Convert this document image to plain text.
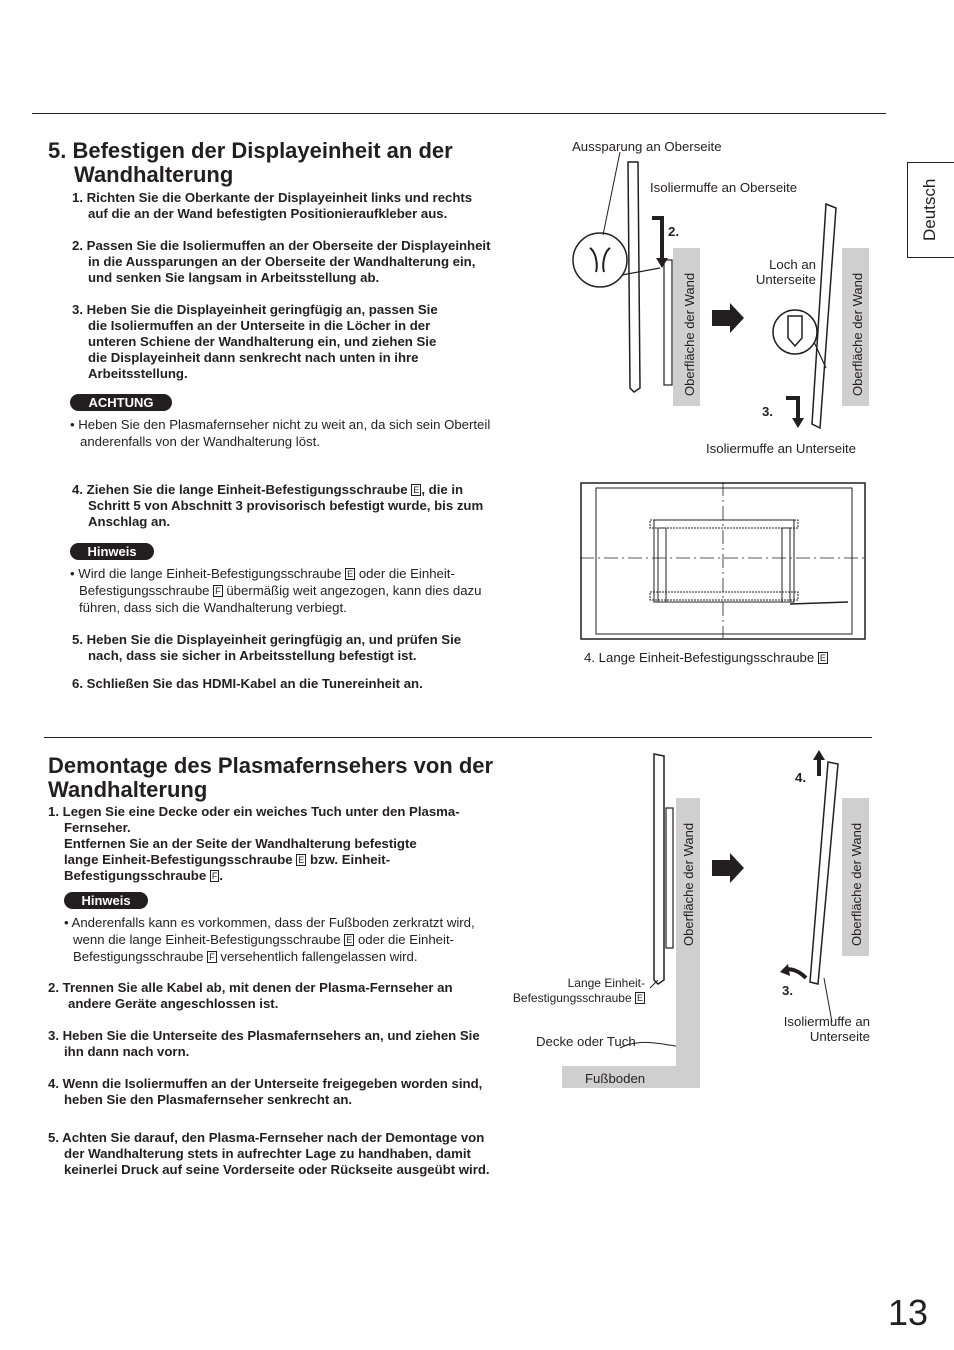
Deutsch
5. Befestigen der Displayeinheit an der
Wandhalterung
1. Richten Sie die Oberkante der Displayeinheit links und rechts
auf die an der Wand befestigten Positionieraufkleber aus.
2. Passen Sie die Isoliermuffen an der Oberseite der Displayeinheit
in die Aussparungen an der Oberseite der Wandhalterung ein,
und senken Sie langsam in Arbeitsstellung ab.
3. Heben Sie die Displayeinheit geringfügig an, passen Sie
die Isoliermuffen an der Unterseite in die Löcher in der
unteren Schiene der Wandhalterung ein, und ziehen Sie
die Displayeinheit dann senkrecht nach unten in ihre
Arbeitsstellung.
ACHTUNG
• Heben Sie den Plasmafernseher nicht zu weit an, da sich sein Oberteil
anderenfalls von der Wandhalterung löst.
4. Ziehen Sie die lange Einheit-Befestigungsschraube E , die in
Schritt 5 von Abschnitt 3 provisorisch befestigt wurde, bis zum
Anschlag an.
Hinweis
• Wird die lange Einheit-Befestigungsschraube E oder die Einheit-
Befestigungsschraube F übermäßig weit angezogen, kann dies dazu
führen, dass sich die Wandhalterung verbiegt.
5. Heben Sie die Displayeinheit geringfügig an, und prüfen Sie
nach, dass sie sicher in Arbeitsstellung befestigt ist.
6. Schließen Sie das HDMI-Kabel an die Tunereinheit an.
Aussparung an Oberseite
Isoliermuffe an Oberseite
2.
Loch an
Unterseite
3.
Isoliermuffe an Unterseite
Oberfläche der Wand	Oberfläche der Wand
4. Lange Einheit-Befestigungsschraube E
Demontage des Plasmafernsehers von der
Wandhalterung
1. Legen Sie eine Decke oder ein weiches Tuch unter den Plasma-
Fernseher.
Entfernen Sie an der Seite der Wandhalterung befestigte
lange Einheit-Befestigungsschraube E bzw. Einheit-
Befestigungsschraube F .
Hinweis
• Anderenfalls kann es vorkommen, dass der Fußboden zerkratzt wird,
wenn die lange Einheit-Befestigungsschraube E oder die Einheit-
Befestigungsschraube F versehentlich fallengelassen wird.
2. Trennen Sie alle Kabel ab, mit denen der Plasma-Fernseher an
andere Geräte angeschlossen ist.
3. Heben Sie die Unterseite des Plasmafernsehers an, und ziehen Sie
ihn dann nach vorn.
4. Wenn die Isoliermuffen an der Unterseite freigegeben worden sind,
heben Sie den Plasmafernseher senkrecht an.
5. Achten Sie darauf, den Plasma-Fernseher nach der Demontage von
der Wandhalterung stets in aufrechter Lage zu handhaben, damit
keinerlei Druck auf seine Vorderseite oder Rückseite ausgeübt wird.
Lange Einheit-
Befestigungsschraube E
Decke oder Tuch
Fußboden
4.
3.
Isoliermuffe an
Unterseite
Oberfläche der Wand	Oberfläche der Wand
13
